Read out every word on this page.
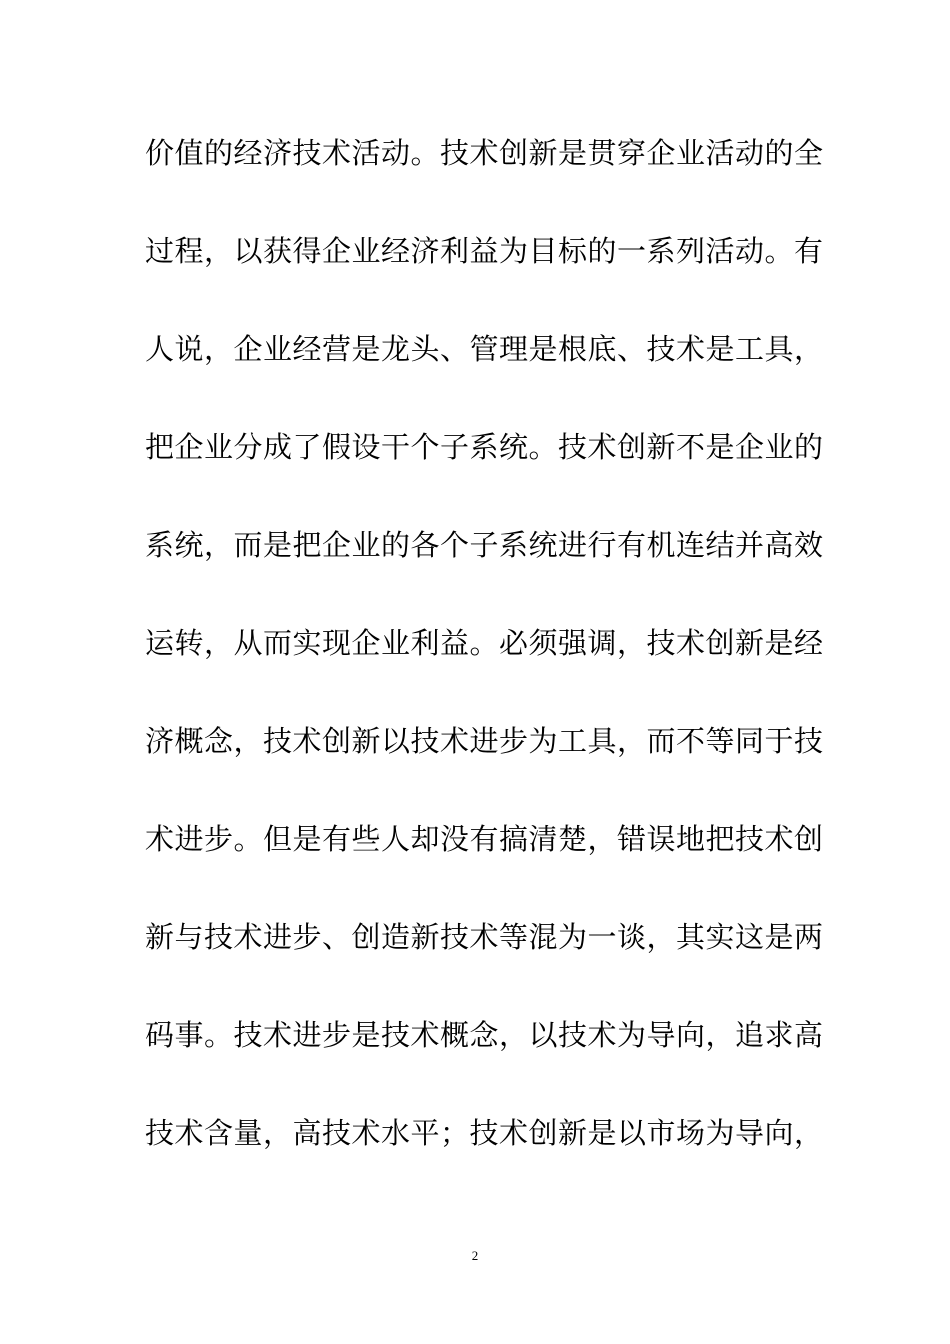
价值的经济技术活动。技术创新是贯穿企业活动的全
过程，以获得企业经济利益为目标的一系列活动。有
人说，企业经营是龙头、管理是根底、技术是工具，
把企业分成了假设干个子系统。技术创新不是企业的
系统，而是把企业的各个子系统进行有机连结并高效
运转，从而实现企业利益。必须强调，技术创新是经
济概念，技术创新以技术进步为工具，而不等同于技
术进步。但是有些人却没有搞清楚，错误地把技术创
新与技术进步、创造新技术等混为一谈，其实这是两
码事。技术进步是技术概念，以技术为导向，追求高
技术含量，高技术水平；技术创新是以市场为导向，
2
